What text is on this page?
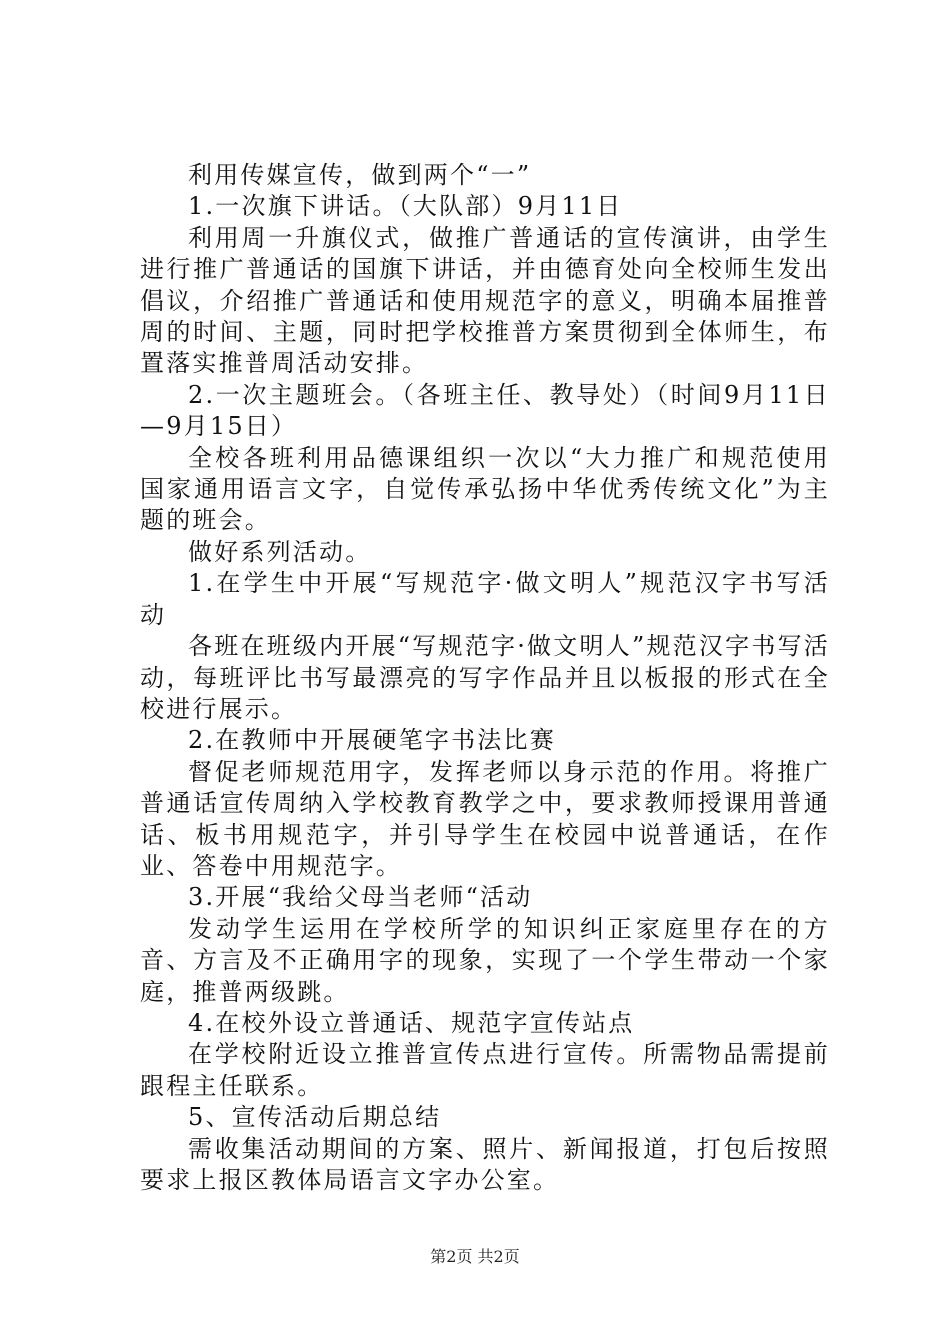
利用传媒宣传，做到两个“一”

1.一次旗下讲话。（大队部）9月11日

利用周一升旗仪式，做推广普通话的宣传演讲，由学生进行推广普通话的国旗下讲话，并由德育处向全校师生发出倡议，介绍推广普通话和使用规范字的意义，明确本届推普周的时间、主题，同时把学校推普方案贯彻到全体师生，布置落实推普周活动安排。

2.一次主题班会。（各班主任、教导处）（时间9月11日—9月15日）

全校各班利用品德课组织一次以“大力推广和规范使用国家通用语言文字，自觉传承弘扬中华优秀传统文化”为主题的班会。

做好系列活动。

1.在学生中开展“写规范字·做文明人”规范汉字书写活动

各班在班级内开展“写规范字·做文明人”规范汉字书写活动，每班评比书写最漂亮的写字作品并且以板报的形式在全校进行展示。

2.在教师中开展硬笔字书法比赛

督促老师规范用字，发挥老师以身示范的作用。将推广普通话宣传周纳入学校教育教学之中，要求教师授课用普通话、板书用规范字，并引导学生在校园中说普通话，在作业、答卷中用规范字。

3.开展“我给父母当老师“活动

发动学生运用在学校所学的知识纠正家庭里存在的方音、方言及不正确用字的现象，实现了一个学生带动一个家庭，推普两级跳。

4.在校外设立普通话、规范字宣传站点

在学校附近设立推普宣传点进行宣传。所需物品需提前跟程主任联系。

5、宣传活动后期总结

需收集活动期间的方案、照片、新闻报道，打包后按照要求上报区教体局语言文字办公室。

第2页 共2页
